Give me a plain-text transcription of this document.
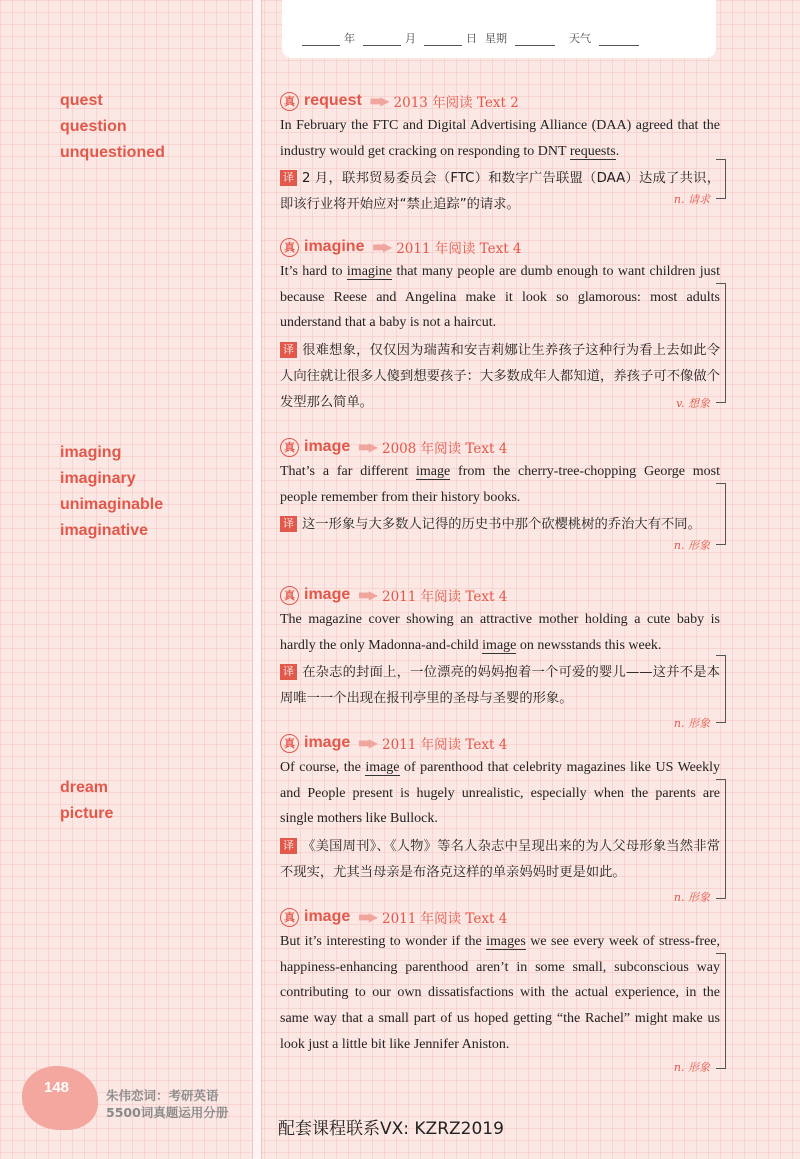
年	月	日 星期	天气
quest
question
unquestioned
imaging
imaginary
unimaginable
imaginative
dream
picture
真 request ■■▶ 2013 年阅读 Text 2

In February the FTC and Digital Advertising Alliance (DAA) agreed that the industry would get cracking on responding to DNT requests.

译 2 月，联邦贸易委员会（FTC）和数字广告联盟（DAA）达成了共识，即该行业将开始应对“禁止追踪”的请求。	n. 请求
真 imagine ■■▶ 2011 年阅读 Text 4

It’s hard to imagine that many people are dumb enough to want children just because Reese and Angelina make it look so glamorous: most adults understand that a baby is not a haircut.

译 很难想象，仅仅因为瑞茜和安吉莉娜让生养孩子这种行为看上去如此令人向往就让很多人傻到想要孩子：大多数成年人都知道，养孩子可不像做个发型那么简单。	v. 想象
真 image ■■▶ 2008 年阅读 Text 4

That’s a far different image from the cherry-tree-chopping George most people remember from their history books.

译 这一形象与大多数人记得的历史书中那个砍樱桃树的乔治大有不同。

n. 形象
真 image ■■▶ 2011 年阅读 Text 4

The magazine cover showing an attractive mother holding a cute baby is hardly the only Madonna-and-child image on newsstands this week.

译 在杂志的封面上，一位漂亮的妈妈抱着一个可爱的婴儿——这并不是本周唯一一个出现在报刊亭里的圣母与圣婴的形象。

n. 形象
真 image ■■▶ 2011 年阅读 Text 4

Of course, the image of parenthood that celebrity magazines like US Weekly and People present is hugely unrealistic, especially when the parents are single mothers like Bullock.

译 《美国周刊》、《人物》等名人杂志中呈现出来的为人父母形象当然非常不现实，尤其当母亲是布洛克这样的单亲妈妈时更是如此。

n. 形象
真 image ■■▶ 2011 年阅读 Text 4

But it’s interesting to wonder if the images we see every week of stress-free, happiness-enhancing parenthood aren’t in some small, subconscious way contributing to our own dissatisfactions with the actual experience, in the same way that a small part of us hoped getting “the Rachel” might make us look just a little bit like Jennifer Aniston.

n. 形象
148	朱伟恋词：考研英语
5500词真题运用分册
配套课程联系VX: KZRZ2019
